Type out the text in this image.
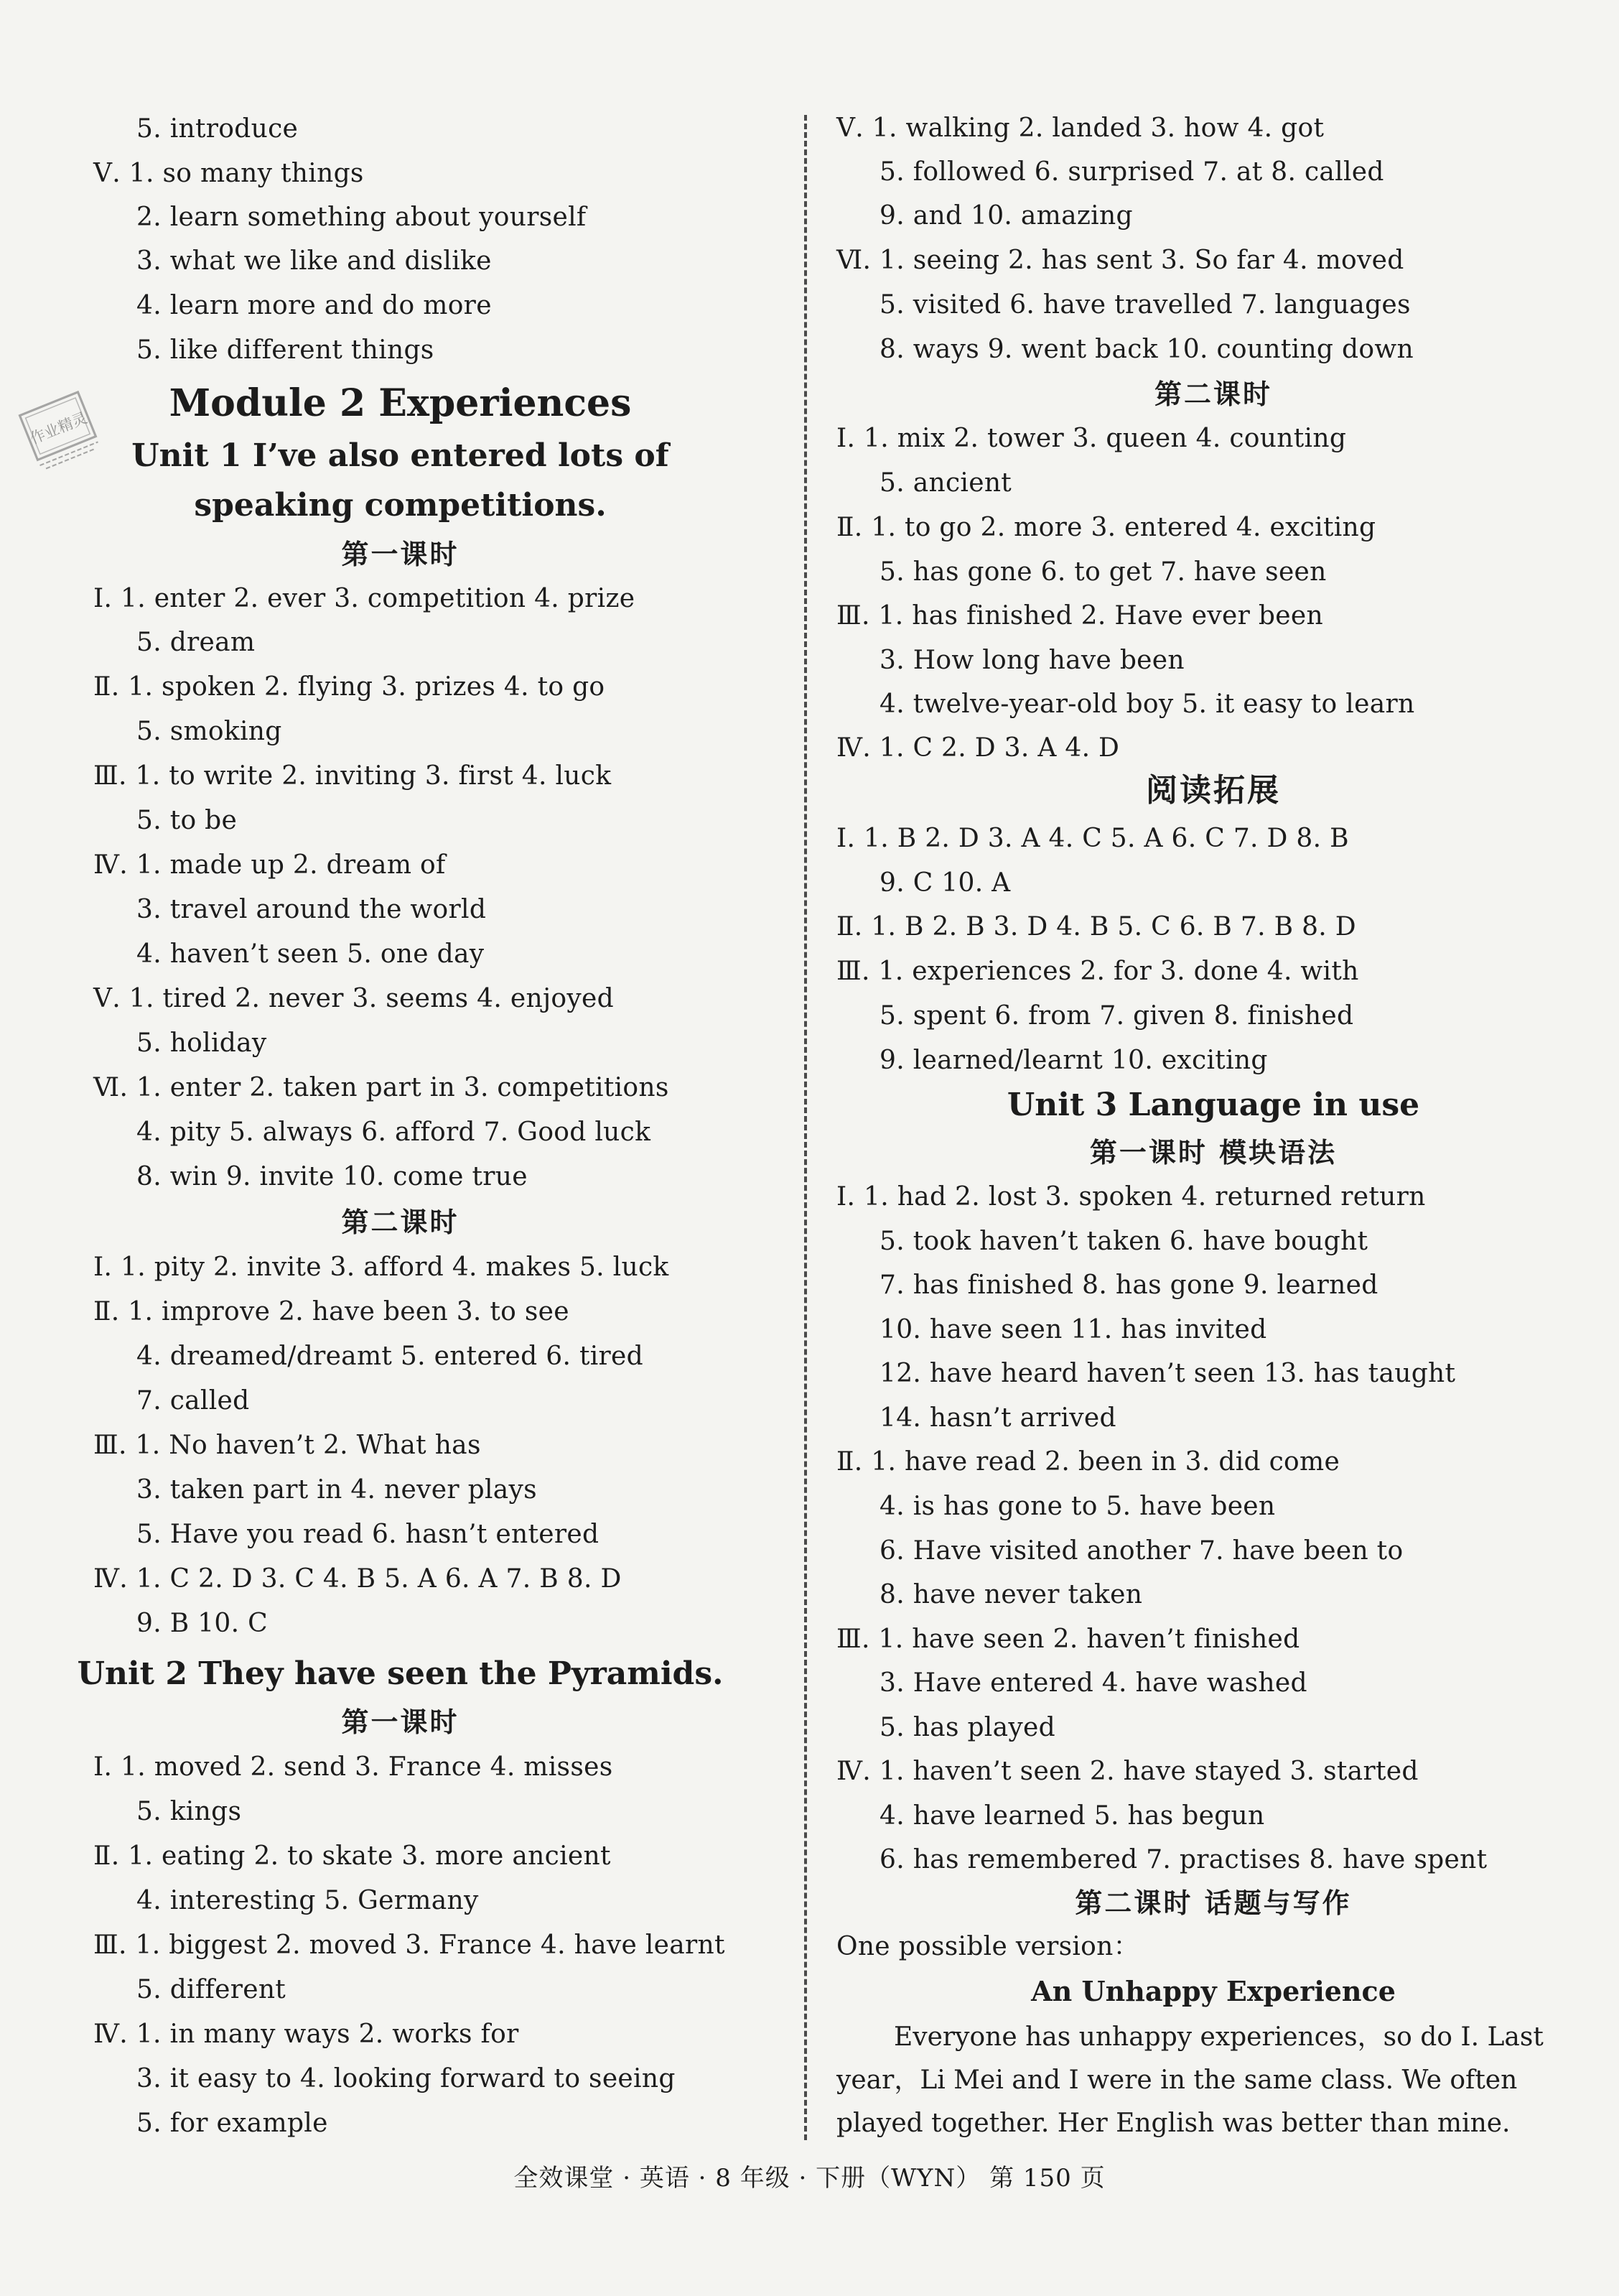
作业精灵
5. introduce
Ⅴ. 1. so many things
2. learn something about yourself
3. what we like and dislike
4. learn more and do more
5. like different things
Module 2 Experiences
Unit 1 I’ve also entered lots of
speaking competitions.
第一课时
Ⅰ. 1. enter 2. ever 3. competition 4. prize
5. dream
Ⅱ. 1. spoken 2. flying 3. prizes 4. to go
5. smoking
Ⅲ. 1. to write 2. inviting 3. first 4. luck
5. to be
Ⅳ. 1. made up 2. dream of
3. travel around the world
4. haven’t seen 5. one day
Ⅴ. 1. tired 2. never 3. seems 4. enjoyed
5. holiday
Ⅵ. 1. enter 2. taken part in 3. competitions
4. pity 5. always 6. afford 7. Good luck
8. win 9. invite 10. come true
第二课时
Ⅰ. 1. pity 2. invite 3. afford 4. makes 5. luck
Ⅱ. 1. improve 2. have been 3. to see
4. dreamed/dreamt 5. entered 6. tired
7. called
Ⅲ. 1. No haven’t 2. What has
3. taken part in 4. never plays
5. Have you read 6. hasn’t entered
Ⅳ. 1. C 2. D 3. C 4. B 5. A 6. A 7. B 8. D
9. B 10. C
Unit 2 They have seen the Pyramids.
第一课时
Ⅰ. 1. moved 2. send 3. France 4. misses
5. kings
Ⅱ. 1. eating 2. to skate 3. more ancient
4. interesting 5. Germany
Ⅲ. 1. biggest 2. moved 3. France 4. have learnt
5. different
Ⅳ. 1. in many ways 2. works for
3. it easy to 4. looking forward to seeing
5. for example
Ⅴ. 1. walking 2. landed 3. how 4. got
5. followed 6. surprised 7. at 8. called
9. and 10. amazing
Ⅵ. 1. seeing 2. has sent 3. So far 4. moved
5. visited 6. have travelled 7. languages
8. ways 9. went back 10. counting down
第二课时
Ⅰ. 1. mix 2. tower 3. queen 4. counting
5. ancient
Ⅱ. 1. to go 2. more 3. entered 4. exciting
5. has gone 6. to get 7. have seen
Ⅲ. 1. has finished 2. Have ever been
3. How long have been
4. twelve-year-old boy 5. it easy to learn
Ⅳ. 1. C 2. D 3. A 4. D
阅读拓展
Ⅰ. 1. B 2. D 3. A 4. C 5. A 6. C 7. D 8. B
9. C 10. A
Ⅱ. 1. B 2. B 3. D 4. B 5. C 6. B 7. B 8. D
Ⅲ. 1. experiences 2. for 3. done 4. with
5. spent 6. from 7. given 8. finished
9. learned/learnt 10. exciting
Unit 3 Language in use
第一课时 模块语法
Ⅰ. 1. had 2. lost 3. spoken 4. returned return
5. took haven’t taken 6. have bought
7. has finished 8. has gone 9. learned
10. have seen 11. has invited
12. have heard haven’t seen 13. has taught
14. hasn’t arrived
Ⅱ. 1. have read 2. been in 3. did come
4. is has gone to 5. have been
6. Have visited another 7. have been to
8. have never taken
Ⅲ. 1. have seen 2. haven’t finished
3. Have entered 4. have washed
5. has played
Ⅳ. 1. haven’t seen 2. have stayed 3. started
4. have learned 5. has begun
6. has remembered 7. practises 8. have spent
第二课时 话题与写作
One possible version：
An Unhappy Experience
Everyone has unhappy experiences，so do I. Last year，Li Mei and I were in the same class. We often played together. Her English was better than mine.
全效课堂 · 英语 · 8 年级 · 下册（WYN） 第 150 页
